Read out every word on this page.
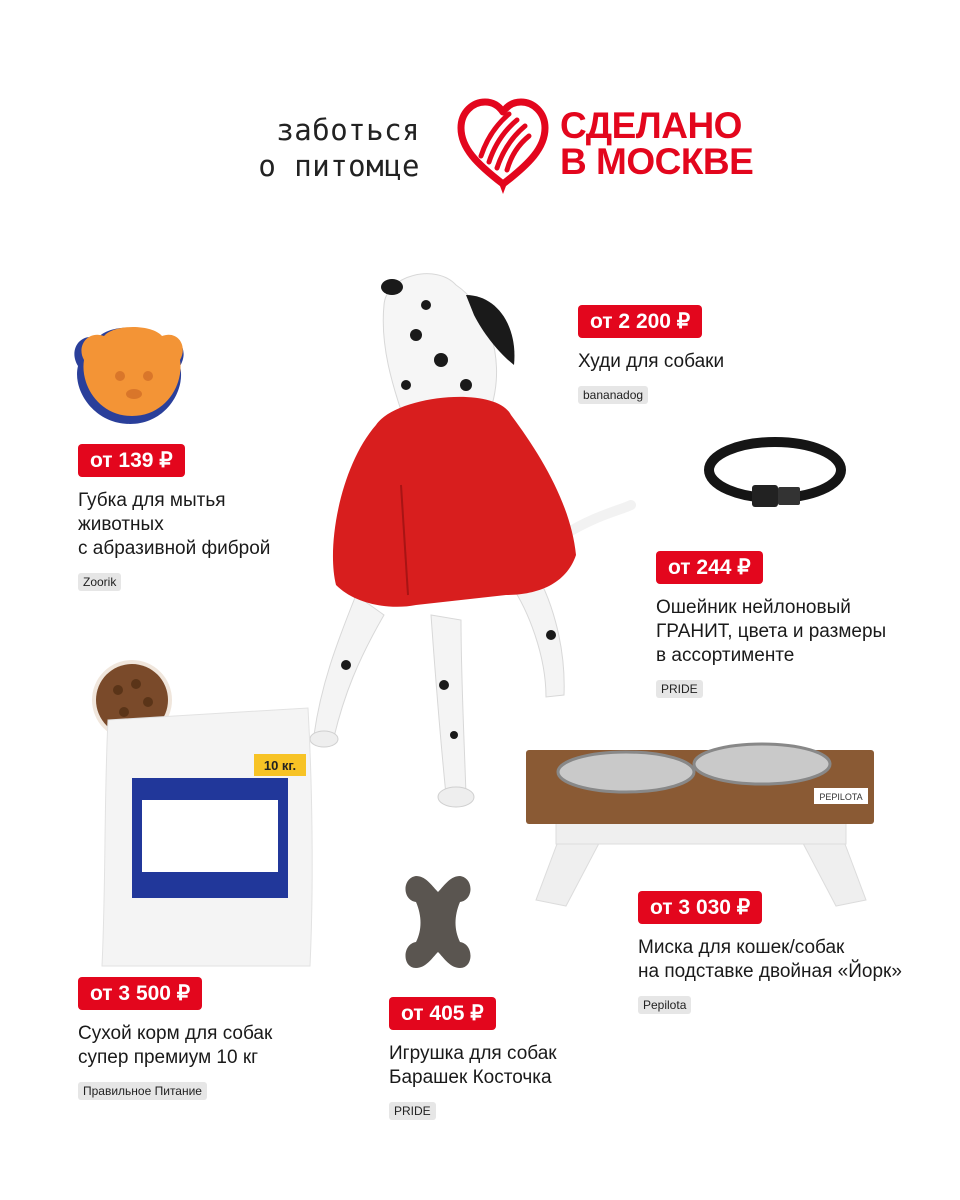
заботься
о питомце
СДЕЛАНО
В МОСКВЕ
10 кг.
PEPILOTA
от 2 200 ₽
Худи для собаки
bananadog
от 139 ₽
Губка для мытья
животных
с абразивной фиброй
Zoorik
от 244 ₽
Ошейник нейлоновый
ГРАНИТ, цвета и размеры
в ассортименте
PRIDE
от 3 030 ₽
Миска для кошек/собак
на подставке двойная «Йорк»
Pepilota
от 3 500 ₽
Сухой корм для собак
супер премиум 10 кг
Правильное Питание
от 405 ₽
Игрушка для собак
Барашек Косточка
PRIDE
